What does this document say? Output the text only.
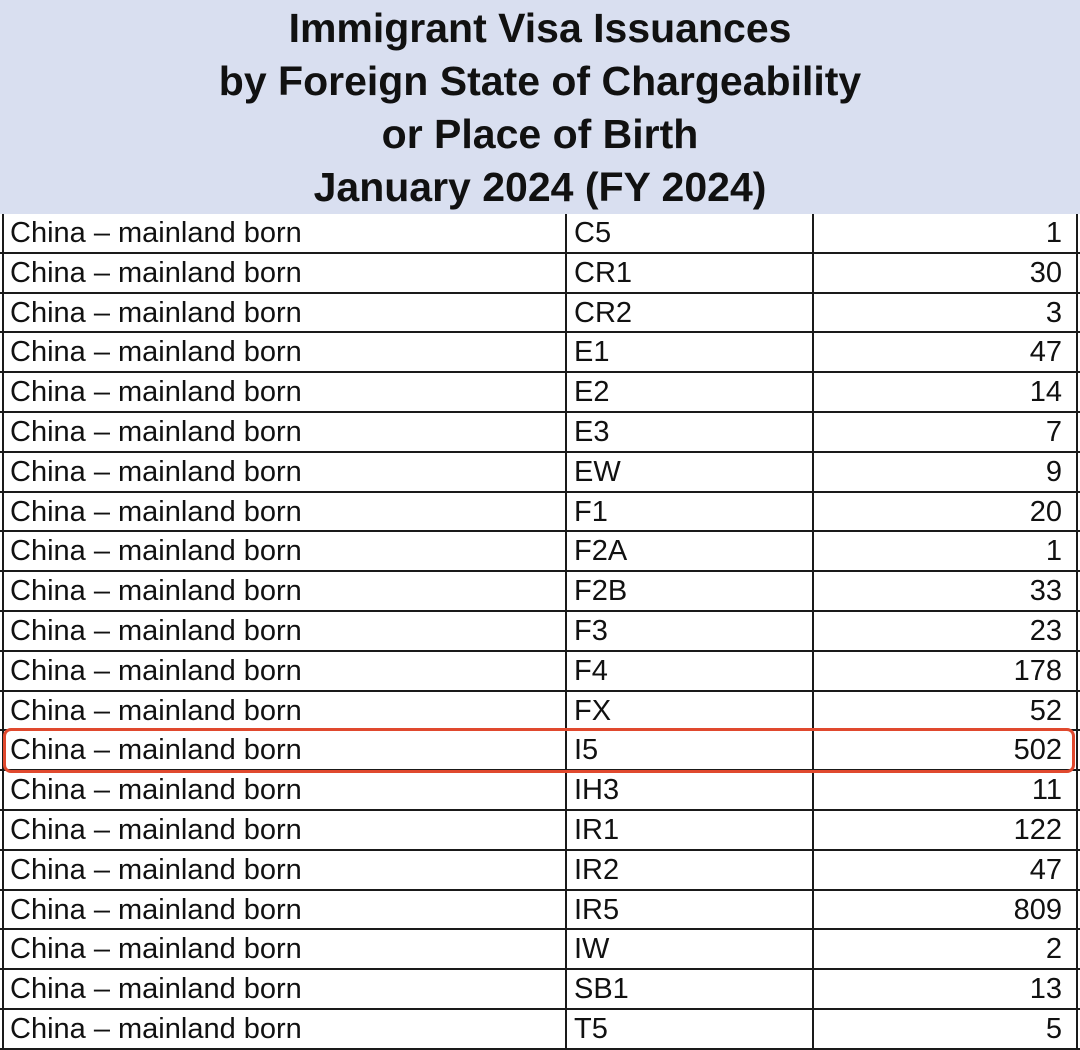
Immigrant Visa Issuances
by Foreign State of Chargeability
or Place of Birth
January 2024 (FY 2024)
China – mainland born	C5	1
China – mainland born	CR1	30
China – mainland born	CR2	3
China – mainland born	E1	47
China – mainland born	E2	14
China – mainland born	E3	7
China – mainland born	EW	9
China – mainland born	F1	20
China – mainland born	F2A	1
China – mainland born	F2B	33
China – mainland born	F3	23
China – mainland born	F4	178
China – mainland born	FX	52
China – mainland born	I5	502
China – mainland born	IH3	11
China – mainland born	IR1	122
China – mainland born	IR2	47
China – mainland born	IR5	809
China – mainland born	IW	2
China – mainland born	SB1	13
China – mainland born	T5	5
